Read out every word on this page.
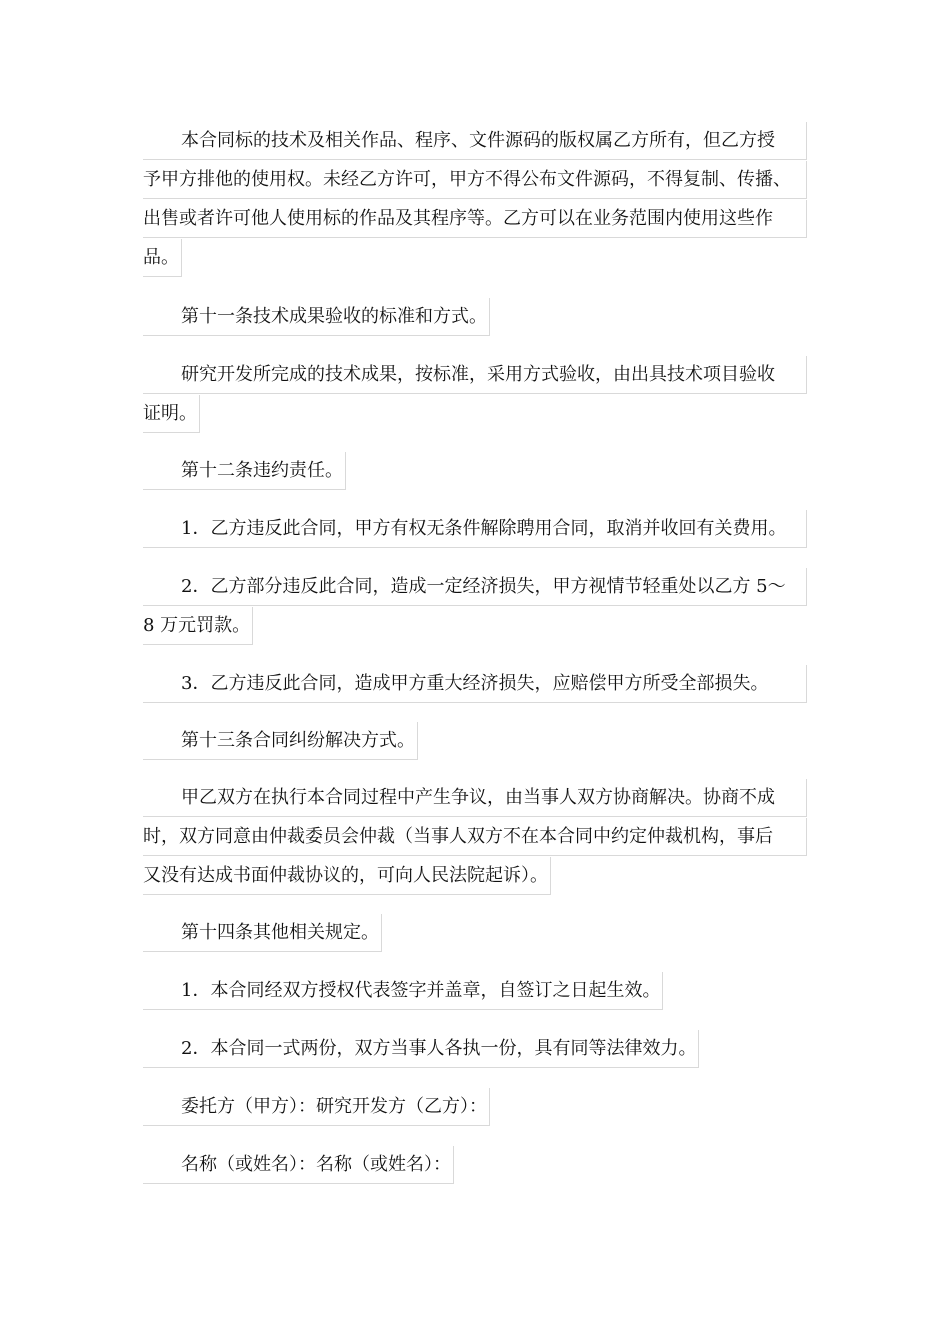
本合同标的技术及相关作品、程序、文件源码的版权属乙方所有，但乙方授
予甲方排他的使用权。未经乙方许可，甲方不得公布文件源码，不得复制、传播、
出售或者许可他人使用标的作品及其程序等。乙方可以在业务范围内使用这些作
品。
第十一条技术成果验收的标准和方式。
研究开发所完成的技术成果，按标准，采用方式验收，由出具技术项目验收
证明。
第十二条违约责任。
1．乙方违反此合同，甲方有权无条件解除聘用合同，取消并收回有关费用。
2．乙方部分违反此合同，造成一定经济损失，甲方视情节轻重处以乙方 5～
8 万元罚款。
3．乙方违反此合同，造成甲方重大经济损失，应赔偿甲方所受全部损失。
第十三条合同纠纷解决方式。
甲乙双方在执行本合同过程中产生争议，由当事人双方协商解决。协商不成
时，双方同意由仲裁委员会仲裁（当事人双方不在本合同中约定仲裁机构，事后
又没有达成书面仲裁协议的，可向人民法院起诉）。
第十四条其他相关规定。
1．本合同经双方授权代表签字并盖章，自签订之日起生效。
2．本合同一式两份，双方当事人各执一份，具有同等法律效力。
委托方（甲方）：研究开发方（乙方）：
名称（或姓名）：名称（或姓名）：
